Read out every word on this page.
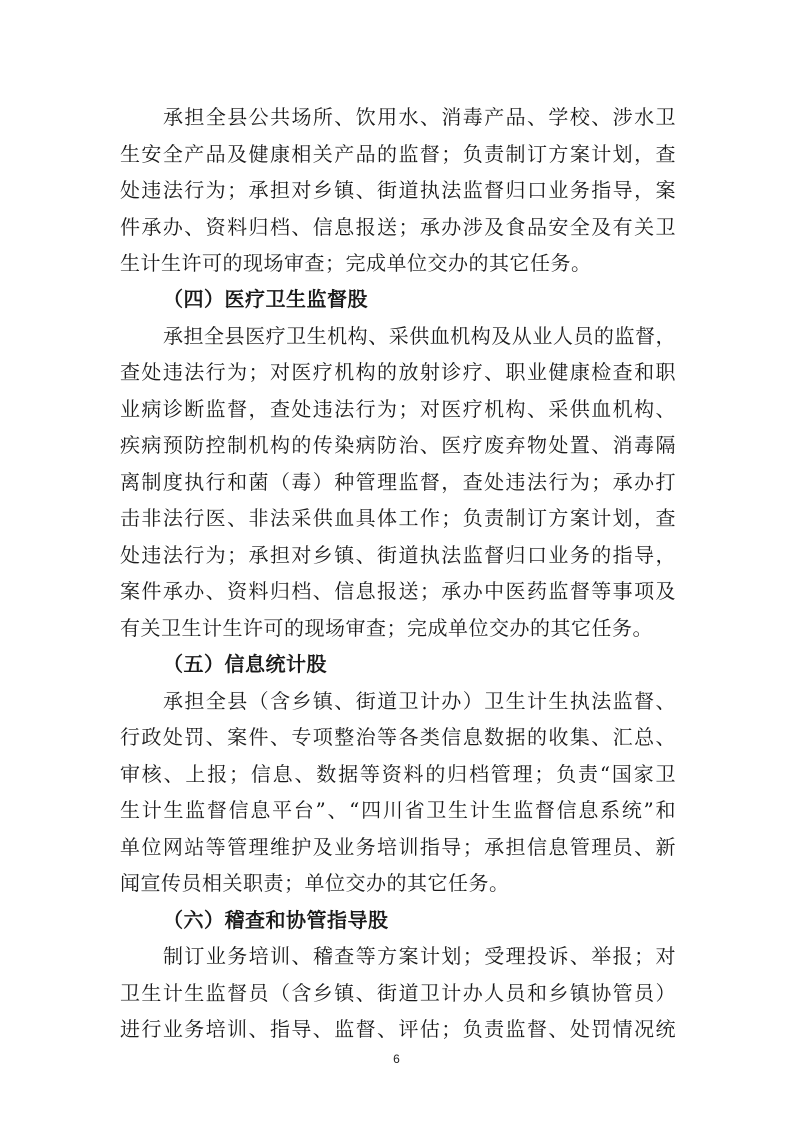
承担全县公共场所、饮用水、消毒产品、学校、涉水卫
生安全产品及健康相关产品的监督；负责制订方案计划，查
处违法行为；承担对乡镇、街道执法监督归口业务指导，案
件承办、资料归档、信息报送；承办涉及食品安全及有关卫
生计生许可的现场审查；完成单位交办的其它任务。
（四）医疗卫生监督股
承担全县医疗卫生机构、采供血机构及从业人员的监督，
查处违法行为；对医疗机构的放射诊疗、职业健康检查和职
业病诊断监督，查处违法行为；对医疗机构、采供血机构、
疾病预防控制机构的传染病防治、医疗废弃物处置、消毒隔
离制度执行和菌（毒）种管理监督，查处违法行为；承办打
击非法行医、非法采供血具体工作；负责制订方案计划，查
处违法行为；承担对乡镇、街道执法监督归口业务的指导，
案件承办、资料归档、信息报送；承办中医药监督等事项及
有关卫生计生许可的现场审查；完成单位交办的其它任务。
（五）信息统计股
承担全县（含乡镇、街道卫计办）卫生计生执法监督、
行政处罚、案件、专项整治等各类信息数据的收集、汇总、
审核、上报；信息、数据等资料的归档管理；负责“国家卫
生计生监督信息平台”、“四川省卫生计生监督信息系统”和
单位网站等管理维护及业务培训指导；承担信息管理员、新
闻宣传员相关职责；单位交办的其它任务。
（六）稽查和协管指导股
制订业务培训、稽查等方案计划；受理投诉、举报；对
卫生计生监督员（含乡镇、街道卫计办人员和乡镇协管员）
进行业务培训、指导、监督、评估；负责监督、处罚情况统
6
